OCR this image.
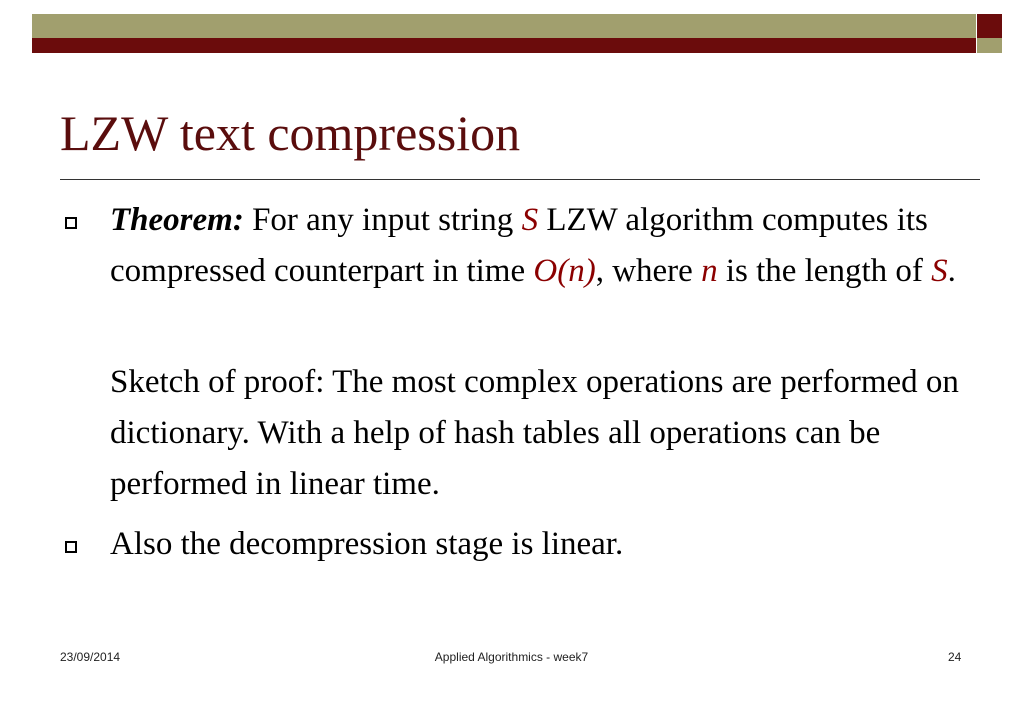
LZW text compression

Theorem: For any input string S LZW algorithm computes its compressed counterpart in time O(n), where n is the length of S.

Sketch of proof: The most complex operations are performed on dictionary. With a help of hash tables all operations can be performed in linear time.

Also the decompression stage is linear.

23/09/2014	Applied Algorithmics - week7	24
